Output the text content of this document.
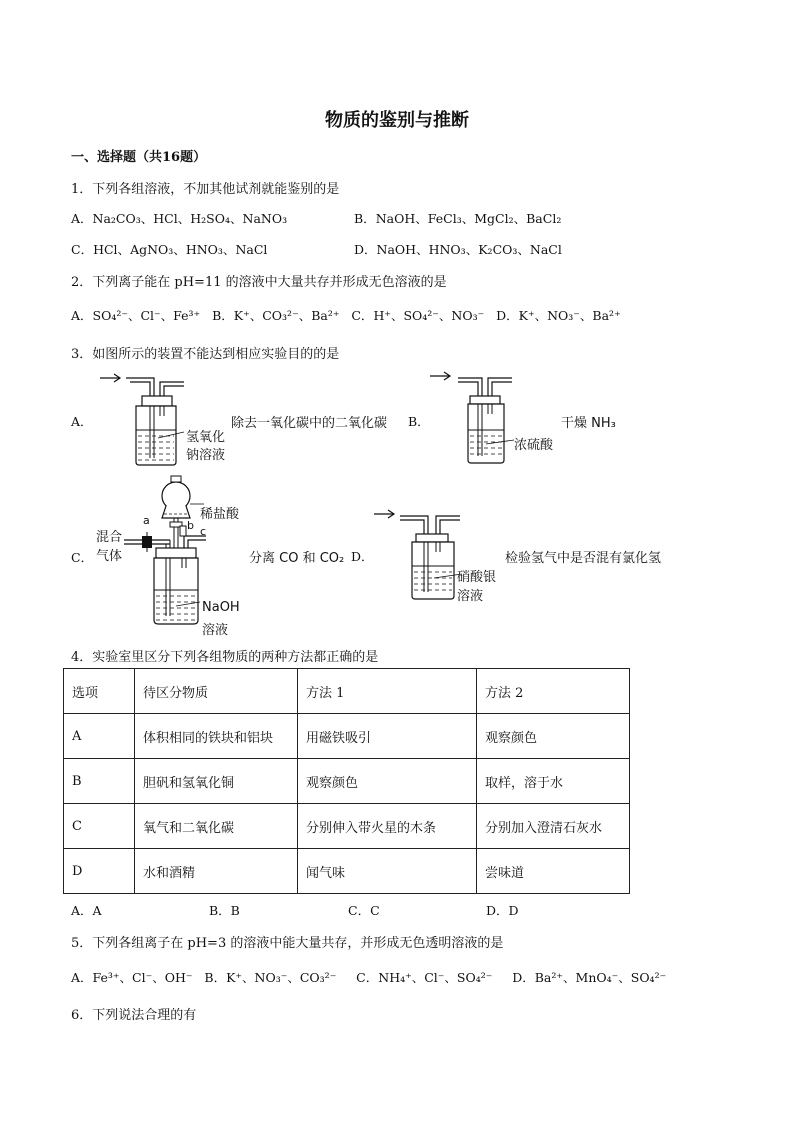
物质的鉴别与推断
一、选择题（共16题）
1．下列各组溶液，不加其他试剂就能鉴别的是
A．Na₂CO₃、HCl、H₂SO₄、NaNO₃	B．NaOH、FeCl₃、MgCl₂、BaCl₂
C．HCl、AgNO₃、HNO₃、NaCl	D．NaOH、HNO₃、K₂CO₃、NaCl
2．下列离子能在 pH=11 的溶液中大量共存并形成无色溶液的是
A．SO₄²⁻、Cl⁻、Fe³⁺ B．K⁺、CO₃²⁻、Ba²⁺ C．H⁺、SO₄²⁻、NO₃⁻ D．K⁺、NO₃⁻、Ba²⁺
3．如图所示的装置不能达到相应实验目的的是
A．
氢氧化
钠溶液
除去一氧化碳中的二氧化碳 B．
浓硫酸
干燥 NH₃
C．
混合
气体
稀盐酸
a	b c
NaOH
溶液
分离 CO 和 CO₂ D．
硝酸银
溶液
检验氢气中是否混有氯化氢
4．实验室里区分下列各组物质的两种方法都正确的是
选项	待区分物质	方法 1	方法 2
A	体积相同的铁块和铝块	用磁铁吸引	观察颜色
B	胆矾和氢氧化铜	观察颜色	取样，溶于水
C	氧气和二氧化碳	分别伸入带火星的木条	分别加入澄清石灰水
D	水和酒精	闻气味	尝味道
A．A	B．B	C．C	D．D
5．下列各组离子在 pH=3 的溶液中能大量共存，并形成无色透明溶液的是
A．Fe³⁺、Cl⁻、OH⁻ B．K⁺、NO₃⁻、CO₃²⁻ C．NH₄⁺、Cl⁻、SO₄²⁻ D．Ba²⁺、MnO₄⁻、SO₄²⁻
6．下列说法合理的有
